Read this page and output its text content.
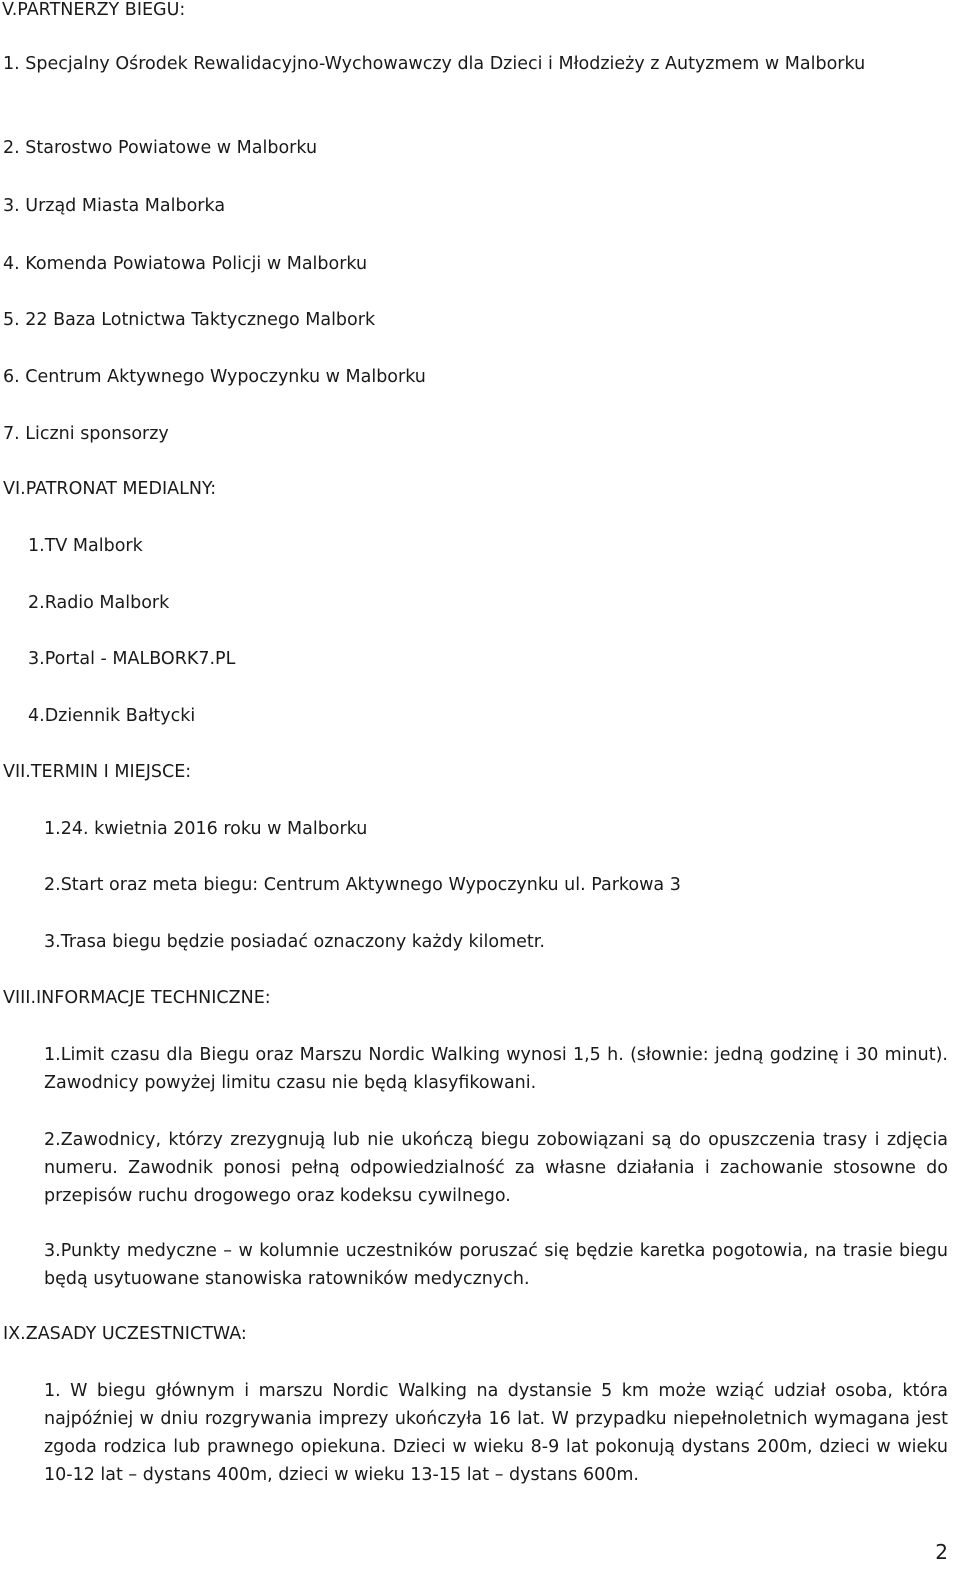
V.PARTNERZY BIEGU:
1. Specjalny Ośrodek Rewalidacyjno-Wychowawczy dla Dzieci i Młodzieży z Autyzmem w Malborku
2. Starostwo Powiatowe w Malborku
3. Urząd Miasta Malborka
4. Komenda Powiatowa Policji w Malborku
5. 22 Baza Lotnictwa Taktycznego Malbork
6. Centrum Aktywnego Wypoczynku w Malborku
7. Liczni sponsorzy
VI.PATRONAT MEDIALNY:
1.TV Malbork
2.Radio Malbork
3.Portal - MALBORK7.PL
4.Dziennik Bałtycki
VII.TERMIN I MIEJSCE:
1.24. kwietnia 2016 roku w Malborku
2.Start oraz meta biegu: Centrum Aktywnego Wypoczynku ul. Parkowa 3
3.Trasa biegu będzie posiadać oznaczony każdy kilometr.
VIII.INFORMACJE TECHNICZNE:
1.Limit czasu dla Biegu oraz Marszu Nordic Walking wynosi 1,5 h. (słownie: jedną godzinę i 30 minut). Zawodnicy powyżej limitu czasu nie będą klasyfikowani.
2.Zawodnicy, którzy zrezygnują lub nie ukończą biegu zobowiązani są do opuszczenia trasy i zdjęcia numeru. Zawodnik ponosi pełną odpowiedzialność za własne działania i zachowanie stosowne do przepisów ruchu drogowego oraz kodeksu cywilnego.
3.Punkty medyczne – w kolumnie uczestników poruszać się będzie karetka pogotowia, na trasie biegu będą usytuowane stanowiska ratowników medycznych.
IX.ZASADY UCZESTNICTWA:
1. W biegu głównym i marszu Nordic Walking na dystansie 5 km może wziąć udział osoba, która najpóźniej w dniu rozgrywania imprezy ukończyła 16 lat. W przypadku niepełnoletnich wymagana jest zgoda rodzica lub prawnego opiekuna. Dzieci w wieku 8-9 lat pokonują dystans 200m, dzieci w wieku 10-12 lat – dystans 400m, dzieci w wieku 13-15 lat – dystans 600m.
2
